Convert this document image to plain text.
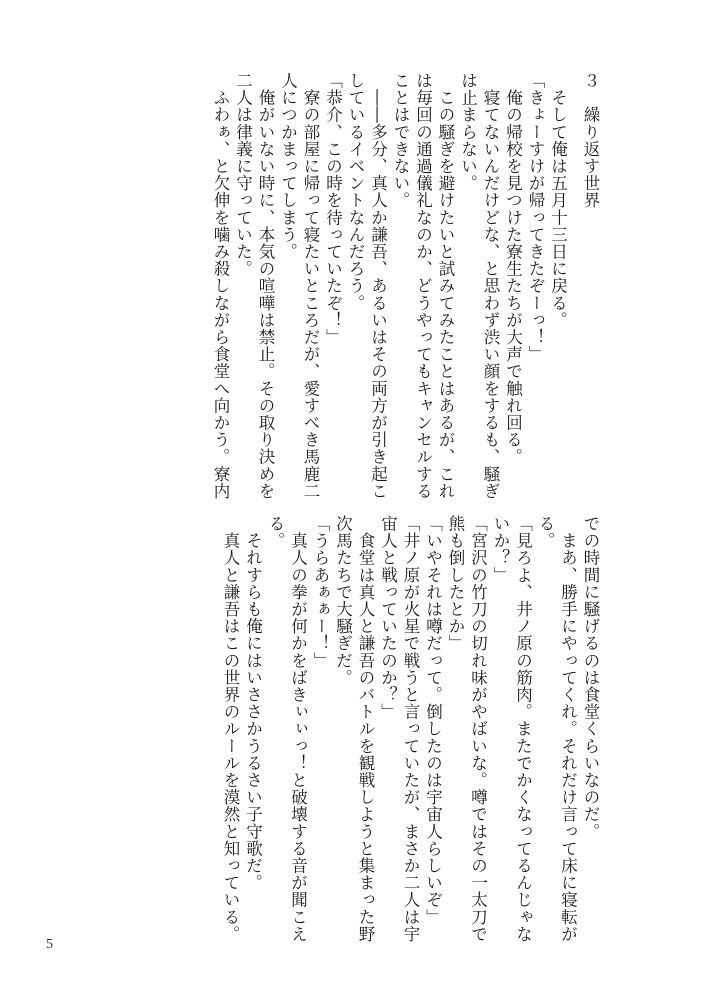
３　繰り返す世界
　そして俺は五月十三日に戻る。
「きょーすけが帰ってきたぞーっ！」
　俺の帰校を見つけた寮生たちが大声で触れ回る。
　寝てないんだけどな、と思わず渋い顔をするも、騒ぎ
は止まらない。
　この騒ぎを避けたいと試みてみたことはあるが、これ
は毎回の通過儀礼なのか、どうやってもキャンセルする
ことはできない。
　――多分、真人か謙吾、あるいはその両方が引き起こ
しているイベントなんだろう。
「恭介、この時を待っていたぞ！」
　寮の部屋に帰って寝たいところだが、愛すべき馬鹿二
人につかまってしまう。
　俺がいない時に、本気の喧嘩は禁止。その取り決めを
二人は律義に守っていた。
　ふわぁ、と欠伸を噛み殺しながら食堂へ向かう。寮内
での時間に騒げるのは食堂くらいなのだ。
　まあ、勝手にやってくれ。それだけ言って床に寝転が
る。
「見ろよ、井ノ原の筋肉。またでかくなってるんじゃな
いか？」
「宮沢の竹刀の切れ味がやばいな。噂ではその一太刀で
熊も倒したとか」
「いやそれは噂だって。倒したのは宇宙人らしいぞ」
「井ノ原が火星で戦うと言っていたが、まさか二人は宇
宙人と戦っていたのか？」
　食堂は真人と謙吾のバトルを観戦しようと集まった野
次馬たちで大騒ぎだ。
「うらあぁぁー！」
　真人の拳が何かをばきぃぃっ！と破壊する音が聞こえ
る。
　それすらも俺にはいささかうるさい子守歌だ。
　真人と謙吾はこの世界のルールを漠然と知っている。
5
